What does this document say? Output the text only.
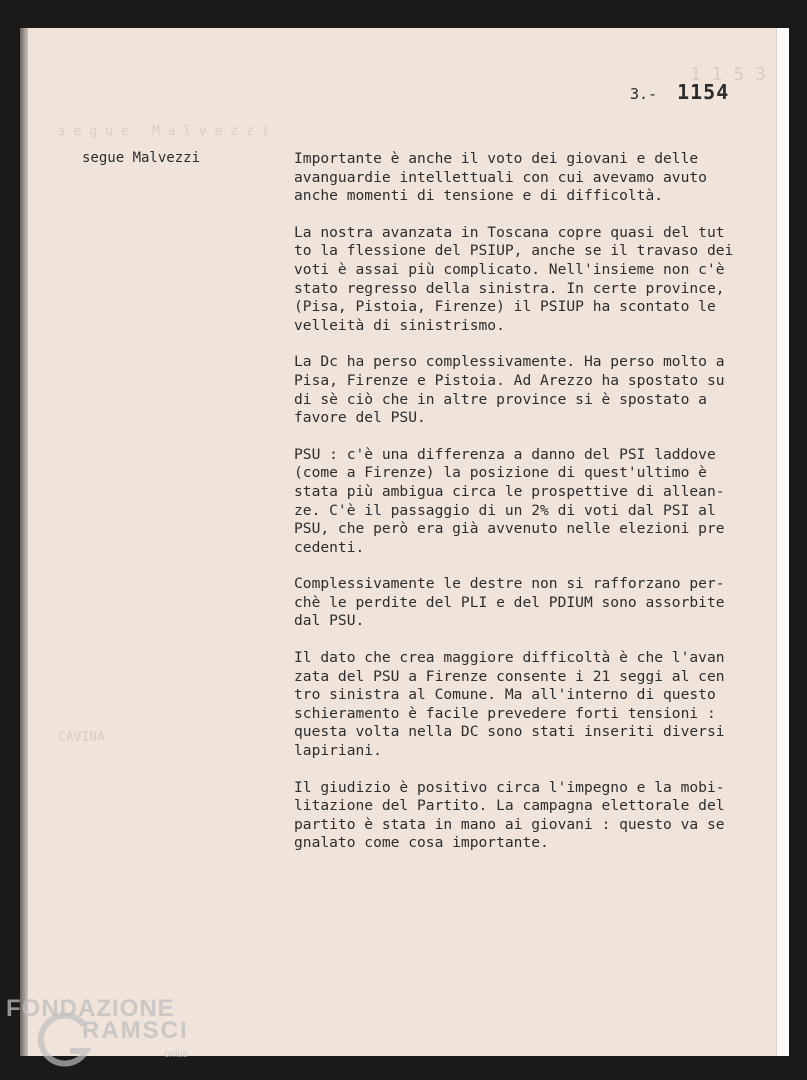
s e g u e   M a l v e z z i
1 1 5 3
CAVINA
3.- 1154
segue Malvezzi	Importante è anche il voto dei giovani e delle
avanguardie intellettuali con cui avevamo avuto
anche momenti di tensione e di difficoltà.

La nostra avanzata in Toscana copre quasi del tut
to la flessione del PSIUP, anche se il travaso dei
voti è assai più complicato. Nell'insieme non c'è
stato regresso della sinistra. In certe province,
(Pisa, Pistoia, Firenze) il PSIUP ha scontato le
velleità di sinistrismo.

La Dc ha perso complessivamente. Ha perso molto a
Pisa, Firenze e Pistoia. Ad Arezzo ha spostato su
di sè ciò che in altre province si è spostato a
favore del PSU.

PSU : c'è una differenza a danno del PSI laddove
(come a Firenze) la posizione di quest'ultimo è
stata più ambigua circa le prospettive di allean-
ze. C'è il passaggio di un 2% di voti dal PSI al
PSU, che però era già avvenuto nelle elezioni pre
cedenti.

Complessivamente le destre non si rafforzano per-
chè le perdite del PLI e del PDIUM sono assorbite
dal PSU.

Il dato che crea maggiore difficoltà è che l'avan
zata del PSU a Firenze consente i 21 seggi al cen
tro sinistra al Comune. Ma all'interno di questo
schieramento è facile prevedere forti tensioni :
questa volta nella DC sono stati inseriti diversi
lapiriani.

Il giudizio è positivo circa l'impegno e la mobi-
litazione del Partito. La campagna elettorale del
partito è stata in mano ai giovani : questo va se
gnalato come cosa importante.

FONDAZIONE
RAMSCI
onlus
